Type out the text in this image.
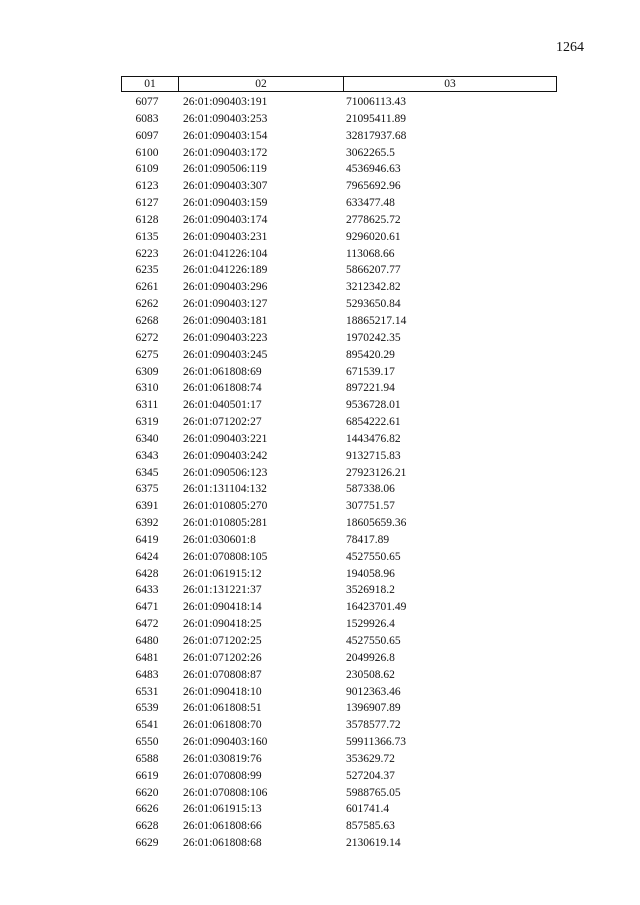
1264
01	02	03
6077	26:01:090403:191	71006113.43
6083	26:01:090403:253	21095411.89
6097	26:01:090403:154	32817937.68
6100	26:01:090403:172	3062265.5
6109	26:01:090506:119	4536946.63
6123	26:01:090403:307	7965692.96
6127	26:01:090403:159	633477.48
6128	26:01:090403:174	2778625.72
6135	26:01:090403:231	9296020.61
6223	26:01:041226:104	113068.66
6235	26:01:041226:189	5866207.77
6261	26:01:090403:296	3212342.82
6262	26:01:090403:127	5293650.84
6268	26:01:090403:181	18865217.14
6272	26:01:090403:223	1970242.35
6275	26:01:090403:245	895420.29
6309	26:01:061808:69	671539.17
6310	26:01:061808:74	897221.94
6311	26:01:040501:17	9536728.01
6319	26:01:071202:27	6854222.61
6340	26:01:090403:221	1443476.82
6343	26:01:090403:242	9132715.83
6345	26:01:090506:123	27923126.21
6375	26:01:131104:132	587338.06
6391	26:01:010805:270	307751.57
6392	26:01:010805:281	18605659.36
6419	26:01:030601:8	78417.89
6424	26:01:070808:105	4527550.65
6428	26:01:061915:12	194058.96
6433	26:01:131221:37	3526918.2
6471	26:01:090418:14	16423701.49
6472	26:01:090418:25	1529926.4
6480	26:01:071202:25	4527550.65
6481	26:01:071202:26	2049926.8
6483	26:01:070808:87	230508.62
6531	26:01:090418:10	9012363.46
6539	26:01:061808:51	1396907.89
6541	26:01:061808:70	3578577.72
6550	26:01:090403:160	59911366.73
6588	26:01:030819:76	353629.72
6619	26:01:070808:99	527204.37
6620	26:01:070808:106	5988765.05
6626	26:01:061915:13	601741.4
6628	26:01:061808:66	857585.63
6629	26:01:061808:68	2130619.14
